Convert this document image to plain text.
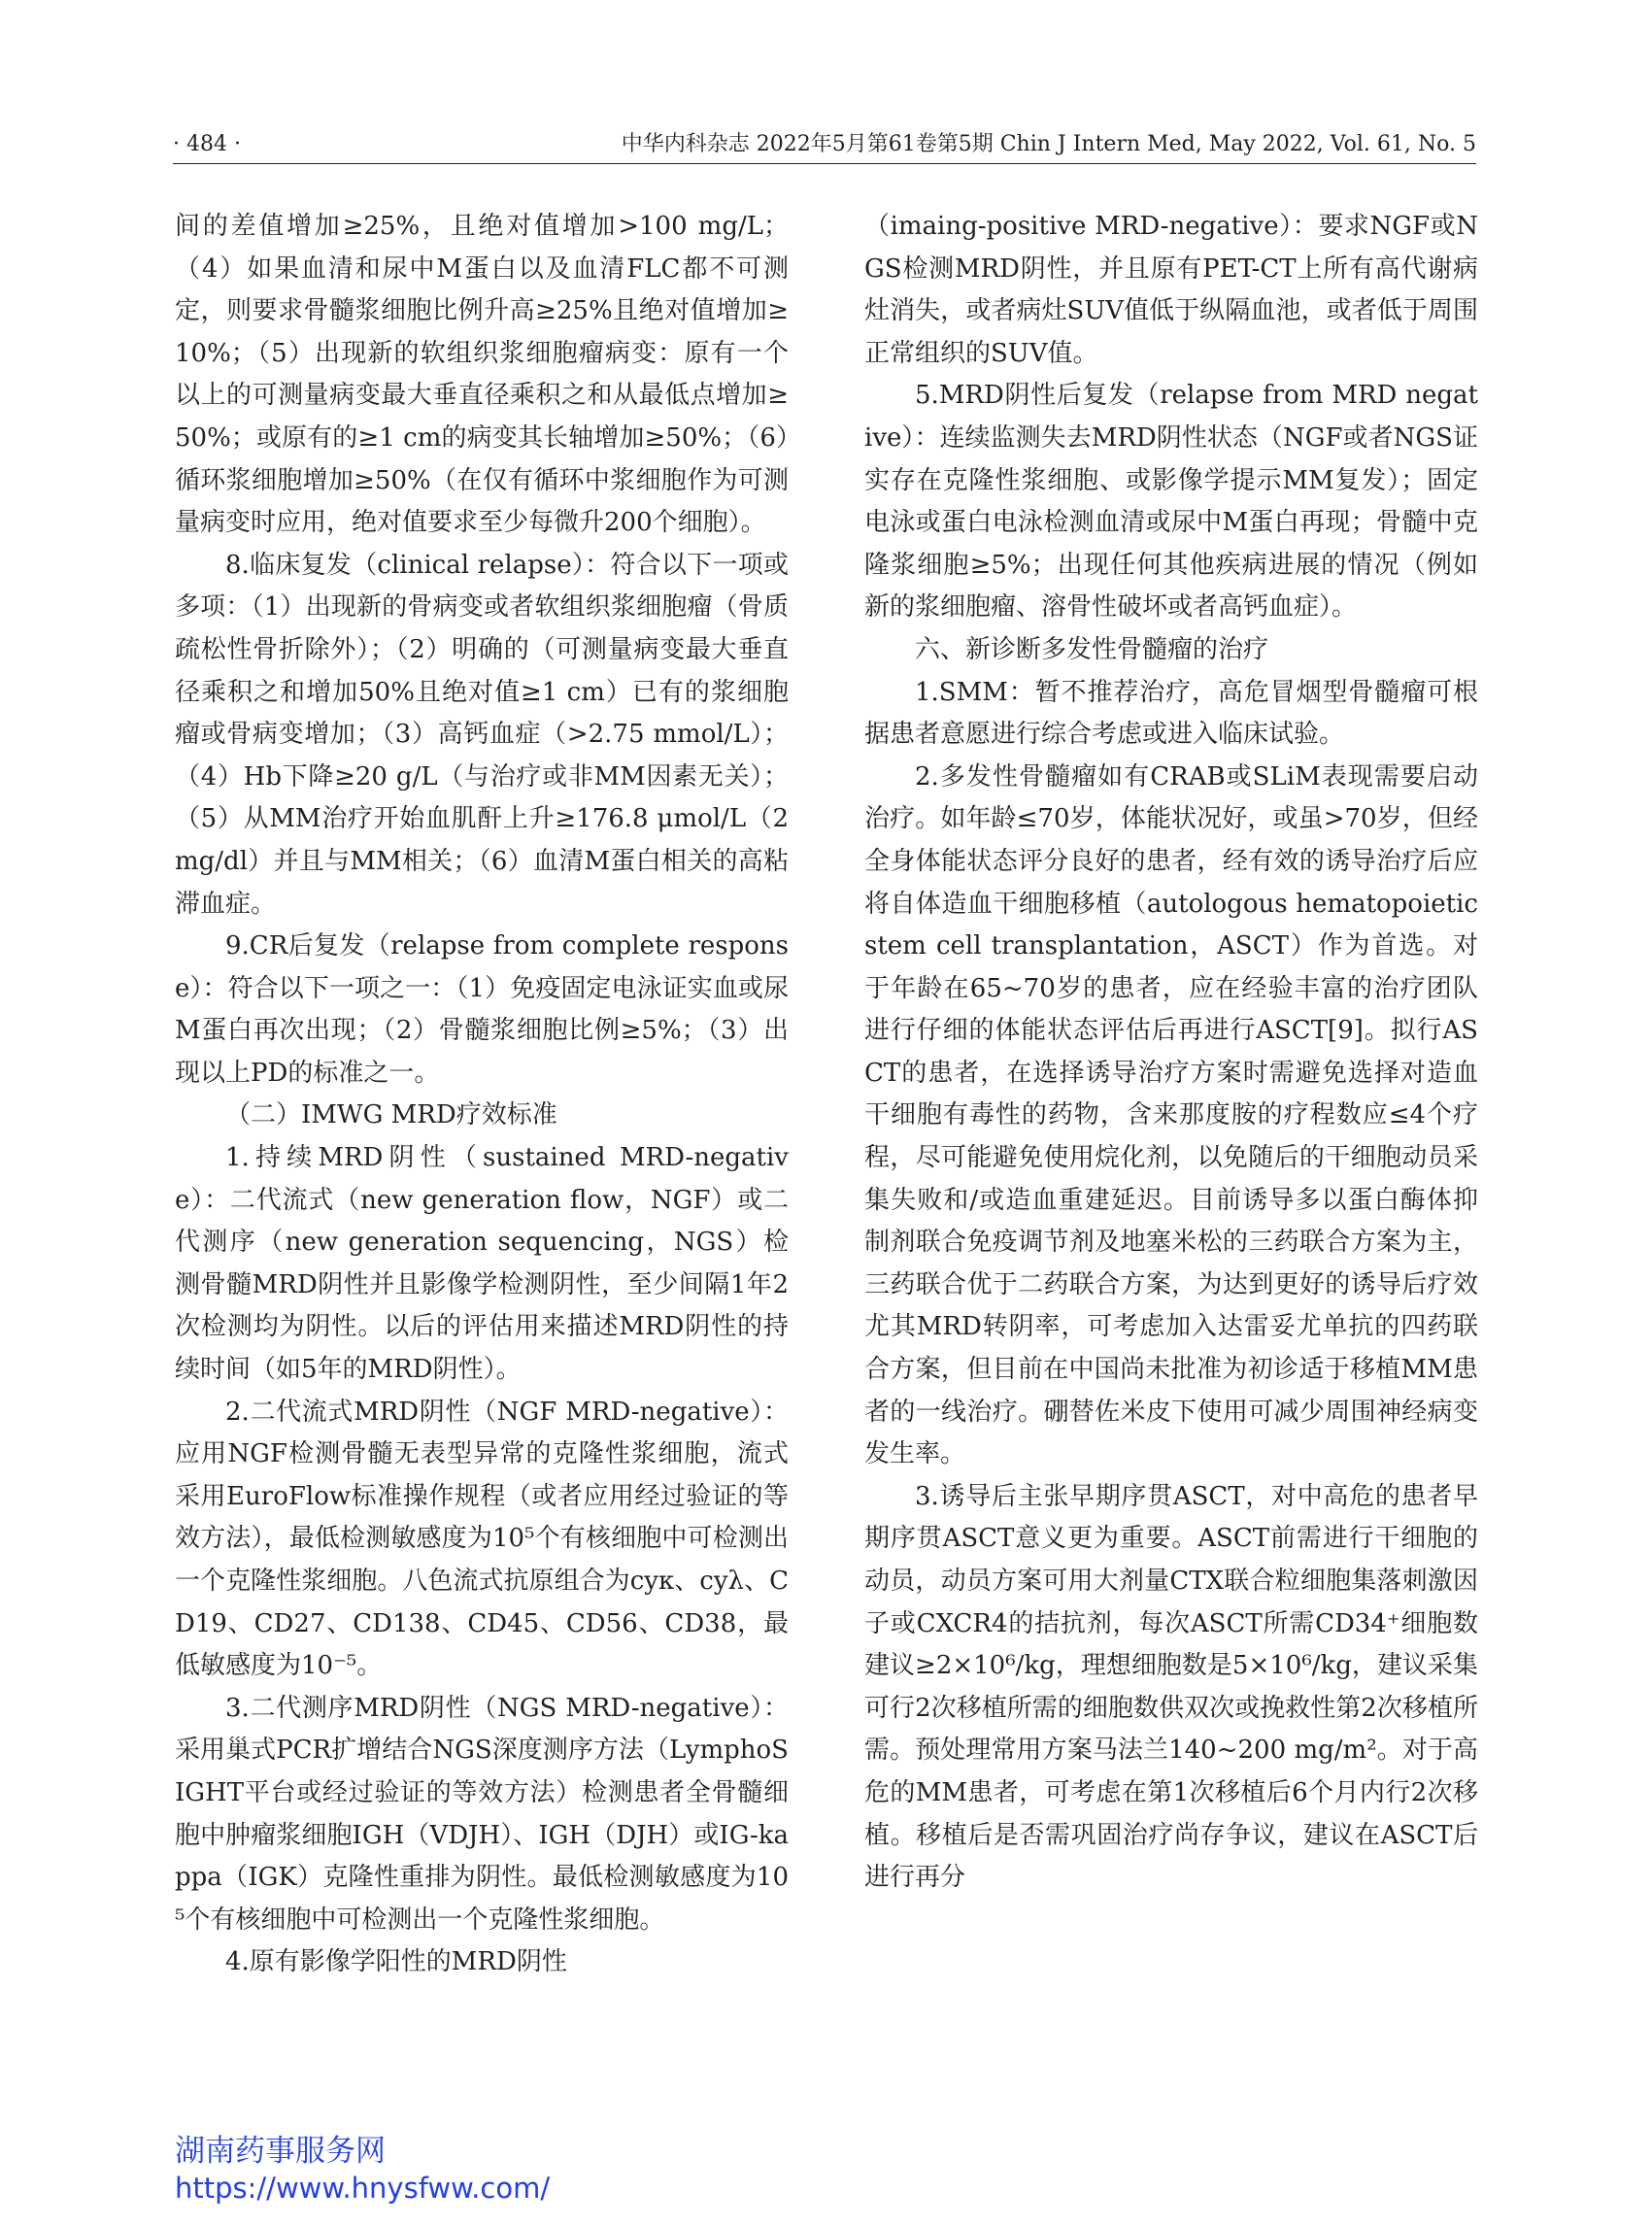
· 484 ·	中华内科杂志 2022年5月第61卷第5期 Chin J Intern Med, May 2022, Vol. 61, No. 5

间的差值增加≥25%，且绝对值增加>100 mg/L；（4）如果血清和尿中M蛋白以及血清FLC都不可测定，则要求骨髓浆细胞比例升高≥25%且绝对值增加≥10%；（5）出现新的软组织浆细胞瘤病变：原有一个以上的可测量病变最大垂直径乘积之和从最低点增加≥50%；或原有的≥1 cm的病变其长轴增加≥50%；（6）循环浆细胞增加≥50%（在仅有循环中浆细胞作为可测量病变时应用，绝对值要求至少每微升200个细胞）。

8.临床复发（clinical relapse）：符合以下一项或多项：（1）出现新的骨病变或者软组织浆细胞瘤（骨质疏松性骨折除外）；（2）明确的（可测量病变最大垂直径乘积之和增加50%且绝对值≥1 cm）已有的浆细胞瘤或骨病变增加；（3）高钙血症（>2.75 mmol/L）；（4）Hb下降≥20 g/L（与治疗或非MM因素无关）；（5）从MM治疗开始血肌酐上升≥176.8 μmol/L（2 mg/dl）并且与MM相关；（6）血清M蛋白相关的高粘滞血症。

9.CR后复发（relapse from complete response）：符合以下一项之一：（1）免疫固定电泳证实血或尿M蛋白再次出现；（2）骨髓浆细胞比例≥5%；（3）出现以上PD的标准之一。

（二）IMWG MRD疗效标准

1.持续MRD阴性（sustained MRD-negative）：二代流式（new generation flow，NGF）或二代测序（new generation sequencing，NGS）检测骨髓MRD阴性并且影像学检测阴性，至少间隔1年2次检测均为阴性。以后的评估用来描述MRD阴性的持续时间（如5年的MRD阴性）。

2.二代流式MRD阴性（NGF MRD-negative）：应用NGF检测骨髓无表型异常的克隆性浆细胞，流式采用EuroFlow标准操作规程（或者应用经过验证的等效方法），最低检测敏感度为10⁵个有核细胞中可检测出一个克隆性浆细胞。八色流式抗原组合为cyκ、cyλ、CD19、CD27、CD138、CD45、CD56、CD38，最低敏感度为10⁻⁵。

3.二代测序MRD阴性（NGS MRD-negative）：采用巢式PCR扩增结合NGS深度测序方法（LymphoSIGHT平台或经过验证的等效方法）检测患者全骨髓细胞中肿瘤浆细胞IGH（VDJH）、IGH（DJH）或IG-kappa（IGK）克隆性重排为阴性。最低检测敏感度为10⁵个有核细胞中可检测出一个克隆性浆细胞。

4.原有影像学阳性的MRD阴性

（imaing-positive MRD-negative）：要求NGF或NGS检测MRD阴性，并且原有PET-CT上所有高代谢病灶消失，或者病灶SUV值低于纵隔血池，或者低于周围正常组织的SUV值。

5.MRD阴性后复发（relapse from MRD negative）：连续监测失去MRD阴性状态（NGF或者NGS证实存在克隆性浆细胞、或影像学提示MM复发）；固定电泳或蛋白电泳检测血清或尿中M蛋白再现；骨髓中克隆浆细胞≥5%；出现任何其他疾病进展的情况（例如新的浆细胞瘤、溶骨性破坏或者高钙血症）。

六、新诊断多发性骨髓瘤的治疗

1.SMM：暂不推荐治疗，高危冒烟型骨髓瘤可根据患者意愿进行综合考虑或进入临床试验。

2.多发性骨髓瘤如有CRAB或SLiM表现需要启动治疗。如年龄≤70岁，体能状况好，或虽>70岁，但经全身体能状态评分良好的患者，经有效的诱导治疗后应将自体造血干细胞移植（autologous hematopoietic stem cell transplantation，ASCT）作为首选。对于年龄在65~70岁的患者，应在经验丰富的治疗团队进行仔细的体能状态评估后再进行ASCT[9]。拟行ASCT的患者，在选择诱导治疗方案时需避免选择对造血干细胞有毒性的药物，含来那度胺的疗程数应≤4个疗程，尽可能避免使用烷化剂，以免随后的干细胞动员采集失败和/或造血重建延迟。目前诱导多以蛋白酶体抑制剂联合免疫调节剂及地塞米松的三药联合方案为主，三药联合优于二药联合方案，为达到更好的诱导后疗效尤其MRD转阴率，可考虑加入达雷妥尤单抗的四药联合方案，但目前在中国尚未批准为初诊适于移植MM患者的一线治疗。硼替佐米皮下使用可减少周围神经病变发生率。

3.诱导后主张早期序贯ASCT，对中高危的患者早期序贯ASCT意义更为重要。ASCT前需进行干细胞的动员，动员方案可用大剂量CTX联合粒细胞集落刺激因子或CXCR4的拮抗剂，每次ASCT所需CD34⁺细胞数建议≥2×10⁶/kg，理想细胞数是5×10⁶/kg，建议采集可行2次移植所需的细胞数供双次或挽救性第2次移植所需。预处理常用方案马法兰140~200 mg/m²。对于高危的MM患者，可考虑在第1次移植后6个月内行2次移植。移植后是否需巩固治疗尚存争议，建议在ASCT后进行再分

湖南药事服务网
https://www.hnysfww.com/
